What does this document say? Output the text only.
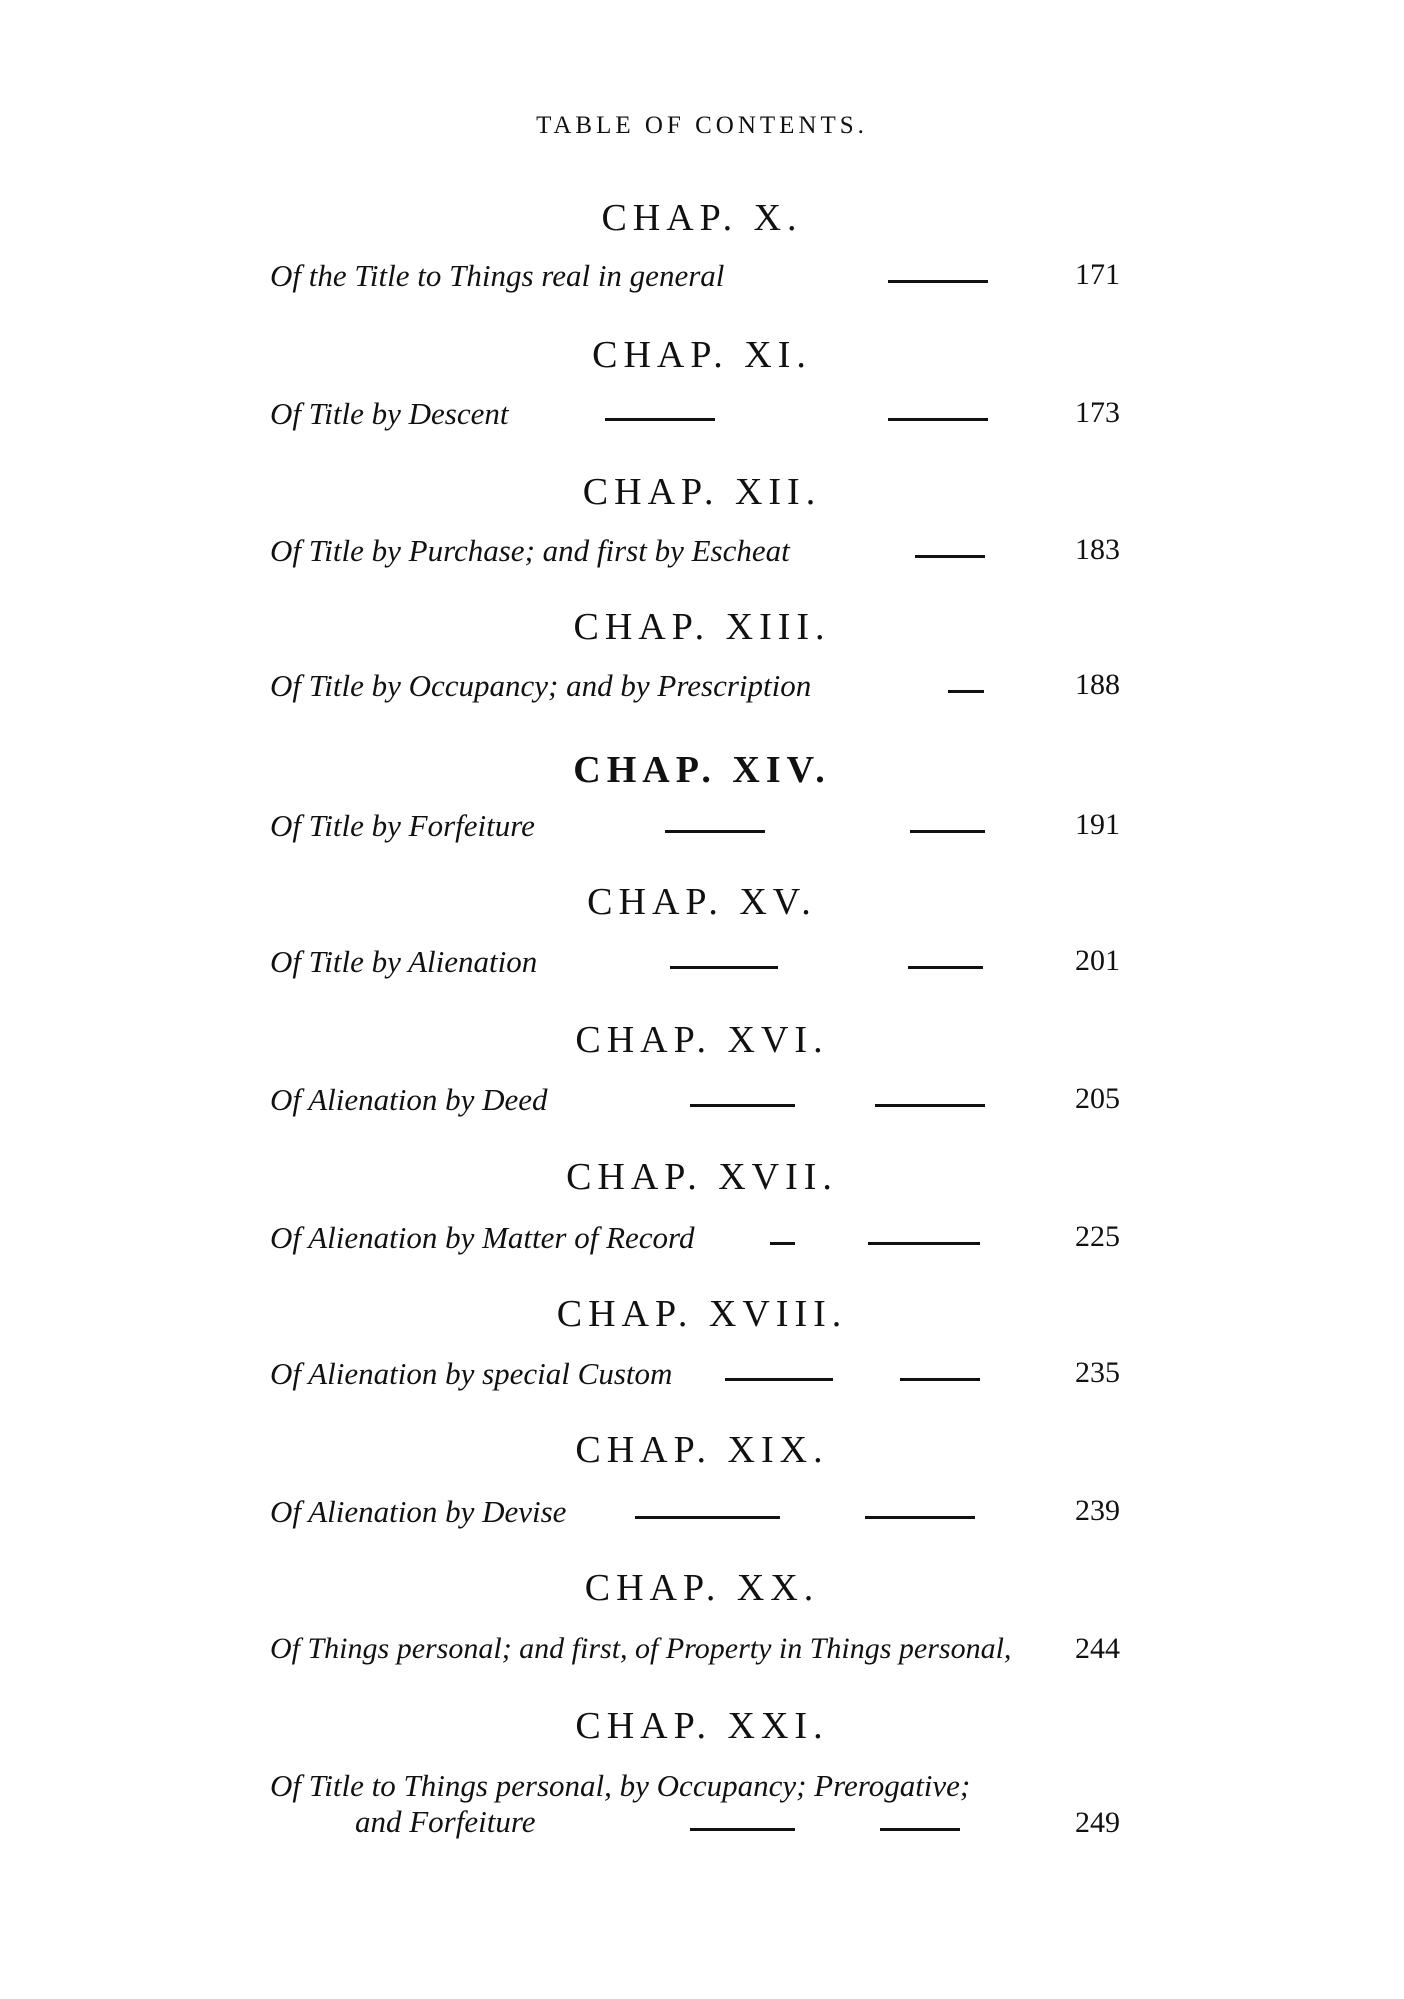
TABLE OF CONTENTS.
CHAP. X.
Of the Title to Things real in general	171
CHAP. XI.
Of Title by Descent	173
CHAP. XII.
Of Title by Purchase; and first by Escheat	183
CHAP. XIII.
Of Title by Occupancy; and by Prescription	188
CHAP. XIV.
Of Title by Forfeiture	191
CHAP. XV.
Of Title by Alienation	201
CHAP. XVI.
Of Alienation by Deed	205
CHAP. XVII.
Of Alienation by Matter of Record	225
CHAP. XVIII.
Of Alienation by special Custom	235
CHAP. XIX.
Of Alienation by Devise	239
CHAP. XX.
Of Things personal; and first, of Property in Things personal, 244
CHAP. XXI.
Of Title to Things personal, by Occupancy; Prerogative;
and Forfeiture	249
